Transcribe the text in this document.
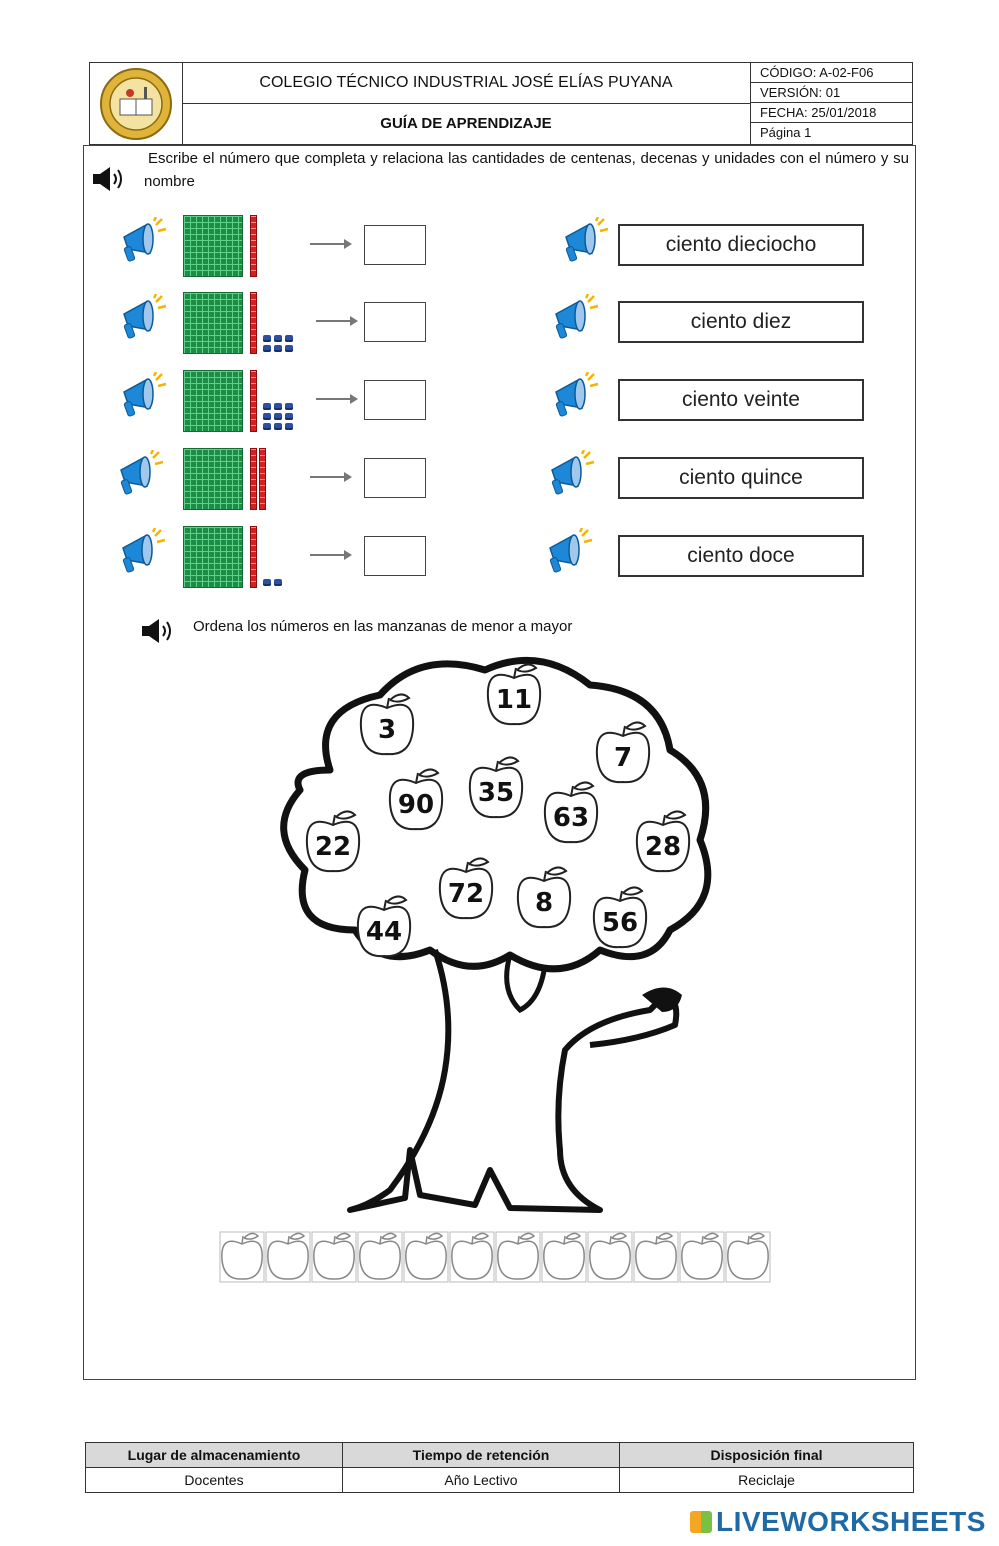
COLEGIO TÉCNICO INDUSTRIAL JOSÉ ELÍAS PUYANA
GUÍA DE APRENDIZAJE
CÓDIGO: A-02-F06
VERSIÓN: 01
FECHA: 25/01/2018
Página 1
Escribe el número que completa y relaciona las cantidades de centenas, decenas y unidades con el número y su nombre
ciento dieciocho
ciento diez
ciento veinte
ciento quince
ciento doce
Ordena los números en las manzanas de menor a mayor
11
3
7
90 35
63
22	28
72 8
56
44
Lugar de almacenamiento	Tiempo de retención	Disposición final
Docentes	Año Lectivo	Reciclaje
LIVEWORKSHEETS
